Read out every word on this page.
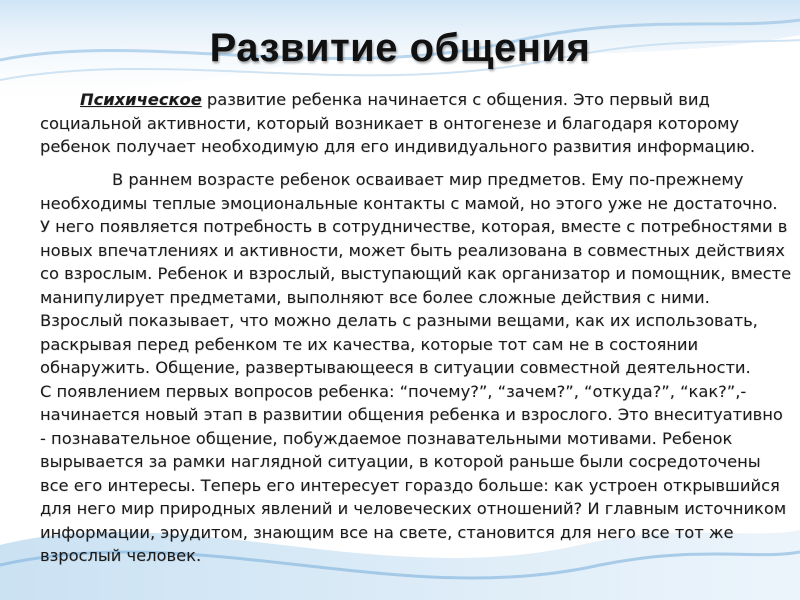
Развитие общения

Психическое развитие ребенка начинается с общения. Это первый вид социальной активности, который возникает в онтогенезе и благодаря которому ребенок получает необходимую для его индивидуального развития информацию.

В раннем возрасте ребенок осваивает мир предметов. Ему по-прежнему необходимы теплые эмоциональные контакты с мамой, но этого уже не достаточно. У него появляется потребность в сотрудничестве, которая, вместе с потребностями в новых впечатлениях и активности, может быть реализована в совместных действиях со взрослым. Ребенок и взрослый, выступающий как организатор и помощник, вместе манипулирует предметами, выполняют все более сложные действия с ними. Взрослый показывает, что можно делать с разными вещами, как их использовать, раскрывая перед ребенком те их качества, которые тот сам не в состоянии обнаружить. Общение, развертывающееся в ситуации совместной деятельности.
С появлением первых вопросов ребенка: “почему?”, “зачем?”, “откуда?”, “как?”,- начинается новый этап в развитии общения ребенка и взрослого. Это внеситуативно - познавательное общение, побуждаемое познавательными мотивами. Ребенок вырывается за рамки наглядной ситуации, в которой раньше были сосредоточены все его интересы. Теперь его интересует гораздо больше: как устроен открывшийся для него мир природных явлений и человеческих отношений? И главным источником информации, эрудитом, знающим все на свете, становится для него все тот же взрослый человек.
